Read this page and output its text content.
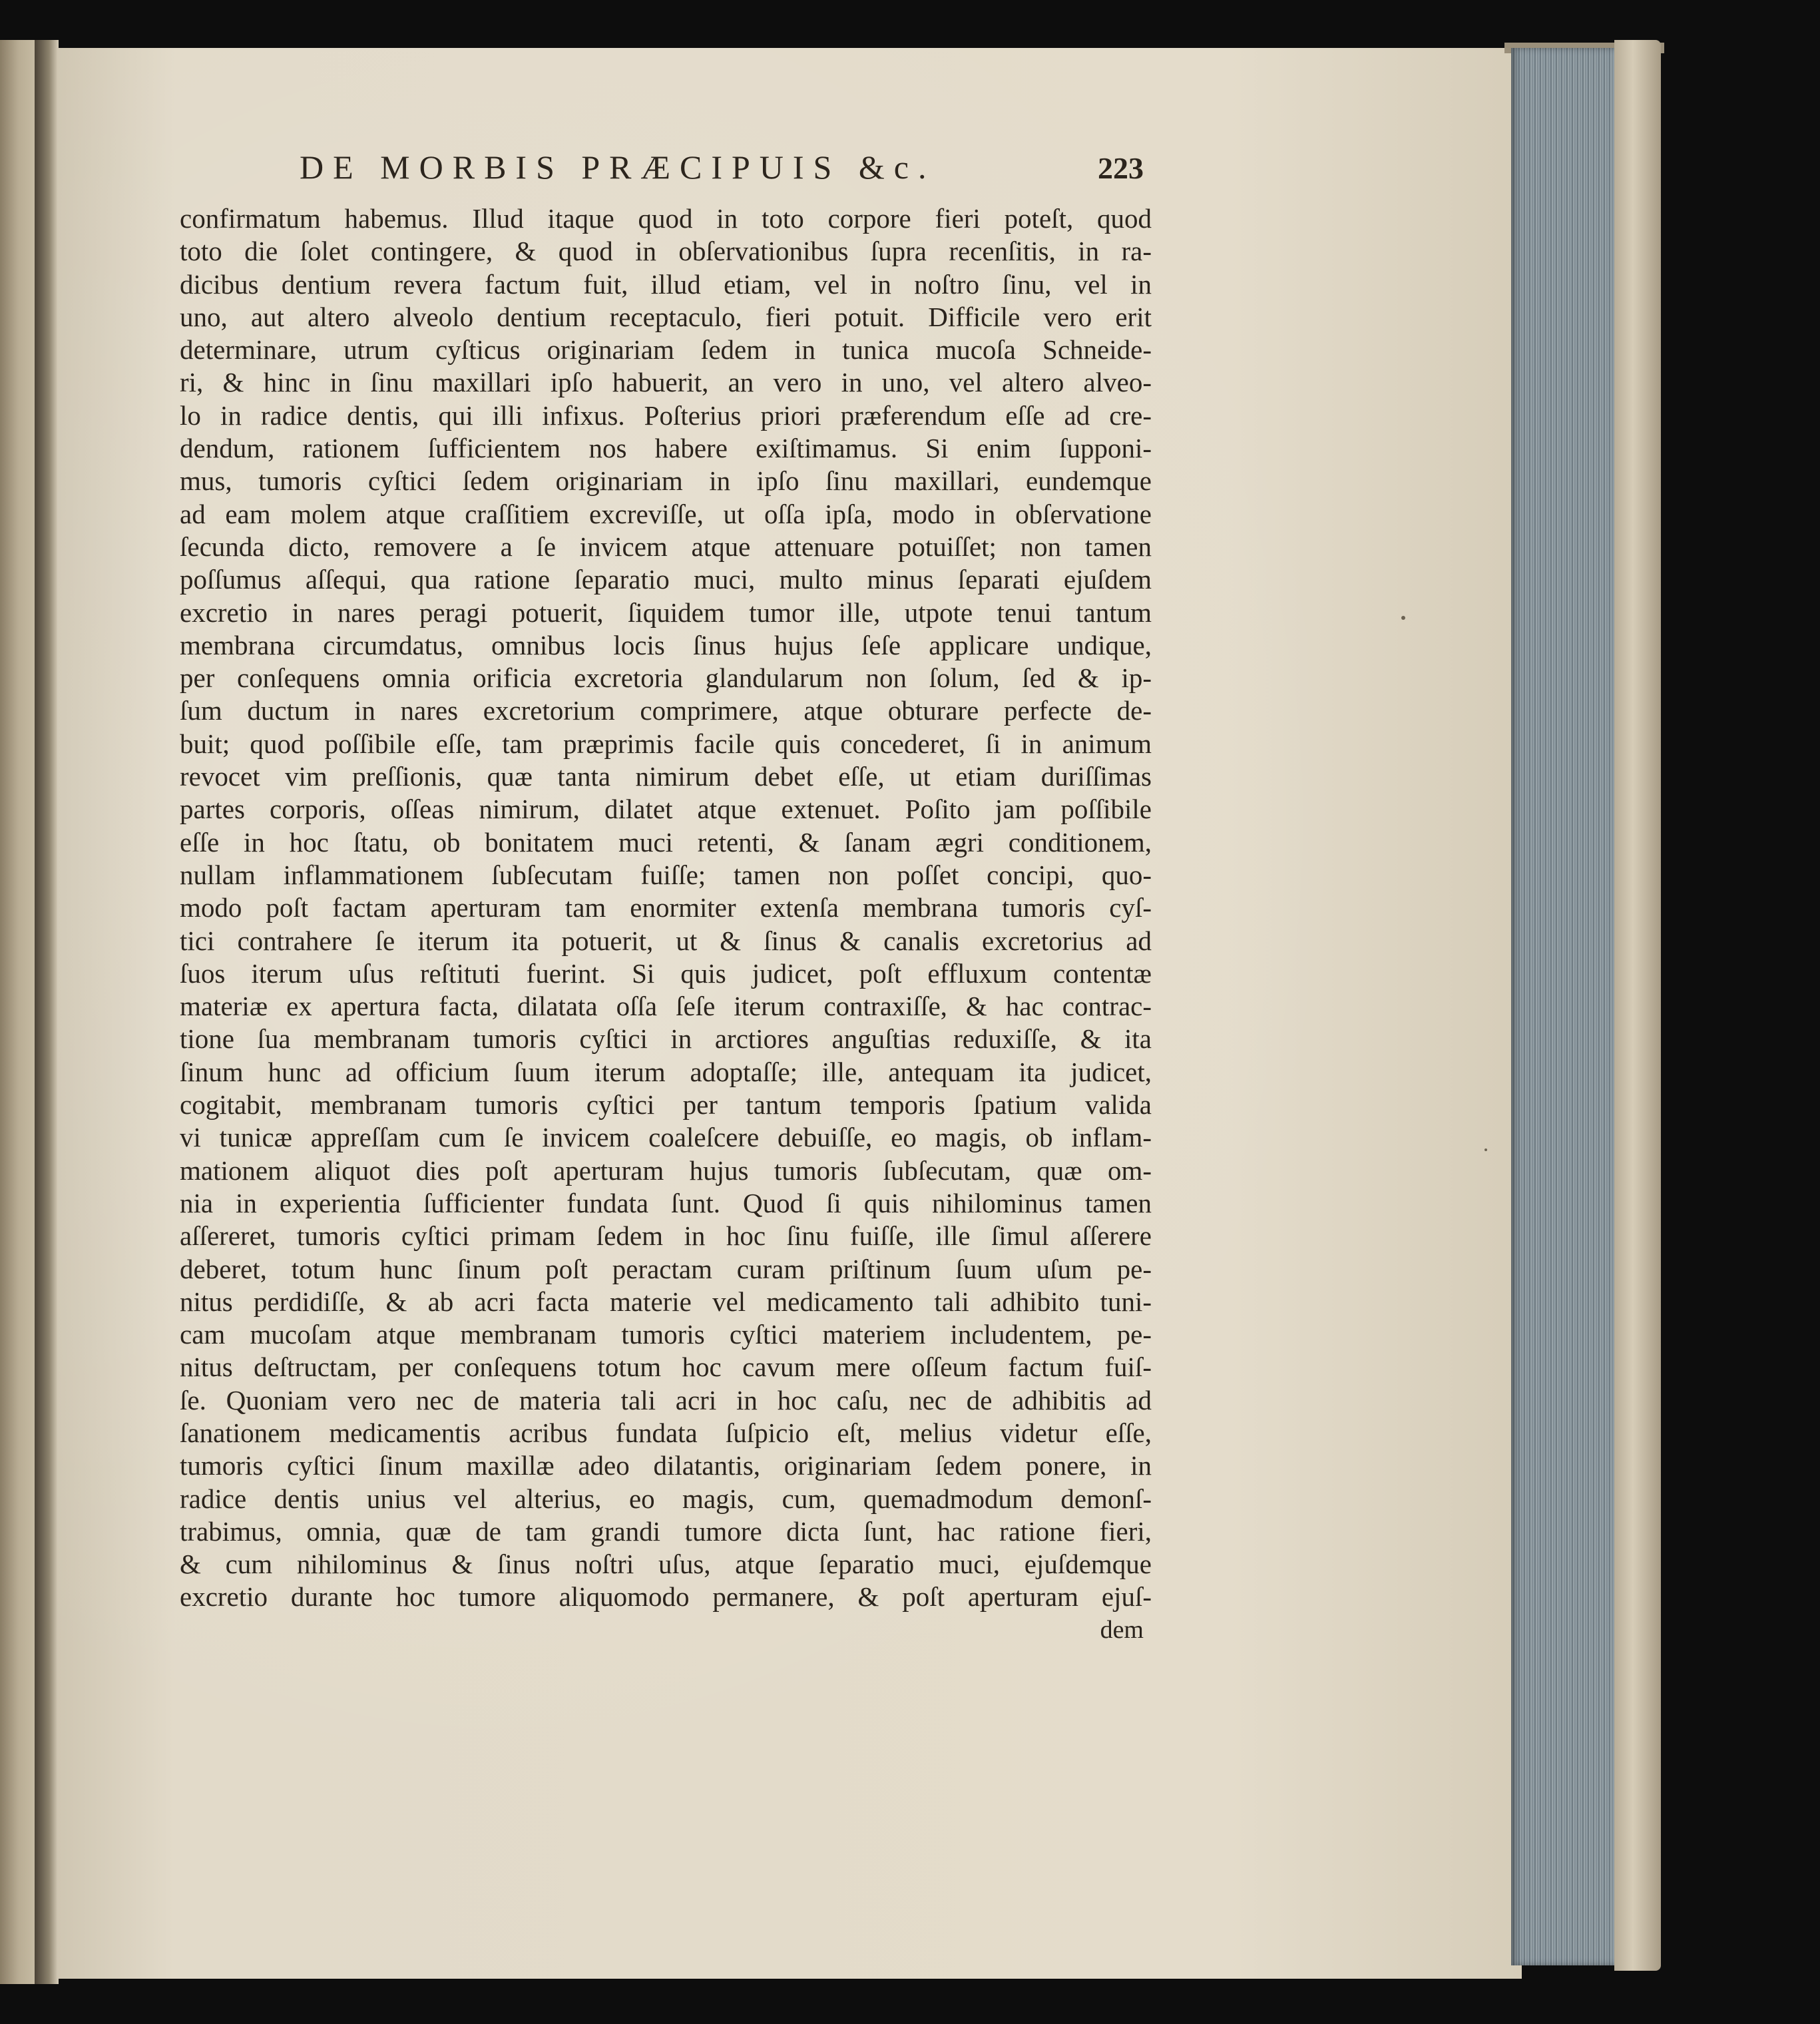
DE MORBIS PRÆCIPUIS &c.	223
confirmatum habemus. Illud itaque quod in toto corpore fieri poteſt, quod
toto die ſolet contingere, & quod in obſervationibus ſupra recenſitis, in ra-
dicibus dentium revera factum fuit, illud etiam, vel in noſtro ſinu, vel in
uno, aut altero alveolo dentium receptaculo, fieri potuit. Difficile vero erit
determinare, utrum cyſticus originariam ſedem in tunica mucoſa Schneide-
ri, & hinc in ſinu maxillari ipſo habuerit, an vero in uno, vel altero alveo-
lo in radice dentis, qui illi infixus. Poſterius priori præferendum eſſe ad cre-
dendum, rationem ſufficientem nos habere exiſtimamus. Si enim ſupponi-
mus, tumoris cyſtici ſedem originariam in ipſo ſinu maxillari, eundemque
ad eam molem atque craſſitiem excreviſſe, ut oſſa ipſa, modo in obſervatione
ſecunda dicto, removere a ſe invicem atque attenuare potuiſſet; non tamen
poſſumus aſſequi, qua ratione ſeparatio muci, multo minus ſeparati ejuſdem
excretio in nares peragi potuerit, ſiquidem tumor ille, utpote tenui tantum
membrana circumdatus, omnibus locis ſinus hujus ſeſe applicare undique,
per conſequens omnia orificia excretoria glandularum non ſolum, ſed & ip-
ſum ductum in nares excretorium comprimere, atque obturare perfecte de-
buit; quod poſſibile eſſe, tam præprimis facile quis concederet, ſi in animum
revocet vim preſſionis, quæ tanta nimirum debet eſſe, ut etiam duriſſimas
partes corporis, oſſeas nimirum, dilatet atque extenuet. Poſito jam poſſibile
eſſe in hoc ſtatu, ob bonitatem muci retenti, & ſanam ægri conditionem,
nullam inflammationem ſubſecutam fuiſſe; tamen non poſſet concipi, quo-
modo poſt factam aperturam tam enormiter extenſa membrana tumoris cyſ-
tici contrahere ſe iterum ita potuerit, ut & ſinus & canalis excretorius ad
ſuos iterum uſus reſtituti fuerint. Si quis judicet, poſt effluxum contentæ
materiæ ex apertura facta, dilatata oſſa ſeſe iterum contraxiſſe, & hac contrac-
tione ſua membranam tumoris cyſtici in arctiores anguſtias reduxiſſe, & ita
ſinum hunc ad officium ſuum iterum adoptaſſe; ille, antequam ita judicet,
cogitabit, membranam tumoris cyſtici per tantum temporis ſpatium valida
vi tunicæ appreſſam cum ſe invicem coaleſcere debuiſſe, eo magis, ob inflam-
mationem aliquot dies poſt aperturam hujus tumoris ſubſecutam, quæ om-
nia in experientia ſufficienter fundata ſunt. Quod ſi quis nihilominus tamen
aſſereret, tumoris cyſtici primam ſedem in hoc ſinu fuiſſe, ille ſimul aſſerere
deberet, totum hunc ſinum poſt peractam curam priſtinum ſuum uſum pe-
nitus perdidiſſe, & ab acri facta materie vel medicamento tali adhibito tuni-
cam mucoſam atque membranam tumoris cyſtici materiem includentem, pe-
nitus deſtructam, per conſequens totum hoc cavum mere oſſeum factum fuiſ-
ſe. Quoniam vero nec de materia tali acri in hoc caſu, nec de adhibitis ad
ſanationem medicamentis acribus fundata ſuſpicio eſt, melius videtur eſſe,
tumoris cyſtici ſinum maxillæ adeo dilatantis, originariam ſedem ponere, in
radice dentis unius vel alterius, eo magis, cum, quemadmodum demonſ-
trabimus, omnia, quæ de tam grandi tumore dicta ſunt, hac ratione fieri,
& cum nihilominus & ſinus noſtri uſus, atque ſeparatio muci, ejuſdemque
excretio durante hoc tumore aliquomodo permanere, & poſt aperturam ejuſ-
dem
